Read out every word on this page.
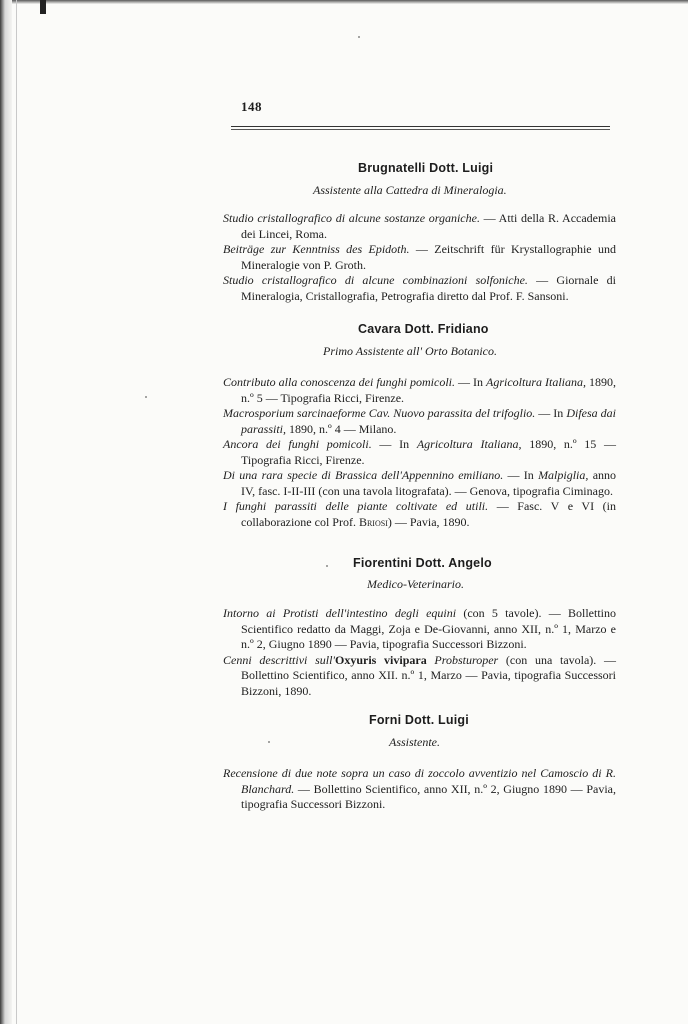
148
Brugnatelli Dott. Luigi
Assistente alla Cattedra di Mineralogia.

Studio cristallografico di alcune sostanze organiche. — Atti della R. Accademia dei Lincei, Roma.

Beiträge zur Kenntniss des Epidoth. — Zeitschrift für Krystallographie und Mineralogie von P. Groth.

Studio cristallografico di alcune combinazioni solfoniche. — Giornale di Mineralogia, Cristallografia, Petrografia diretto dal Prof. F. Sansoni.

Cavara Dott. Fridiano
Primo Assistente all' Orto Botanico.

Contributo alla conoscenza dei funghi pomicoli. — In Agricoltura Italiana, 1890, n.º 5 — Tipografia Ricci, Firenze.

Macrosporium sarcinaeforme Cav. Nuovo parassita del trifoglio. — In Difesa dai parassiti, 1890, n.º 4 — Milano.

Ancora dei funghi pomicoli. — In Agricoltura Italiana, 1890, n.º 15 — Tipografia Ricci, Firenze.

Di una rara specie di Brassica dell'Appennino emiliano. — In Malpiglia, anno IV, fasc. I-II-III (con una tavola litografata). — Genova, tipografia Ciminago.

I funghi parassiti delle piante coltivate ed utili. — Fasc. V e VI (in collaborazione col Prof. Briosi) — Pavia, 1890.

Fiorentini Dott. Angelo
Medico-Veterinario.

Intorno ai Protisti dell'intestino degli equini (con 5 tavole). — Bollettino Scientifico redatto da Maggi, Zoja e De-Giovanni, anno XII, n.º 1, Marzo e n.º 2, Giugno 1890 — Pavia, tipografia Successori Bizzoni.

Cenni descrittivi sull'Oxyuris vivipara Probsturoper (con una tavola). — Bollettino Scientifico, anno XII. n.º 1, Marzo — Pavia, tipografia Successori Bizzoni, 1890.

Forni Dott. Luigi
Assistente.

Recensione di due note sopra un caso di zoccolo avventizio nel Camoscio di R. Blanchard. — Bollettino Scientifico, anno XII, n.º 2, Giugno 1890 — Pavia, tipografia Successori Bizzoni.
